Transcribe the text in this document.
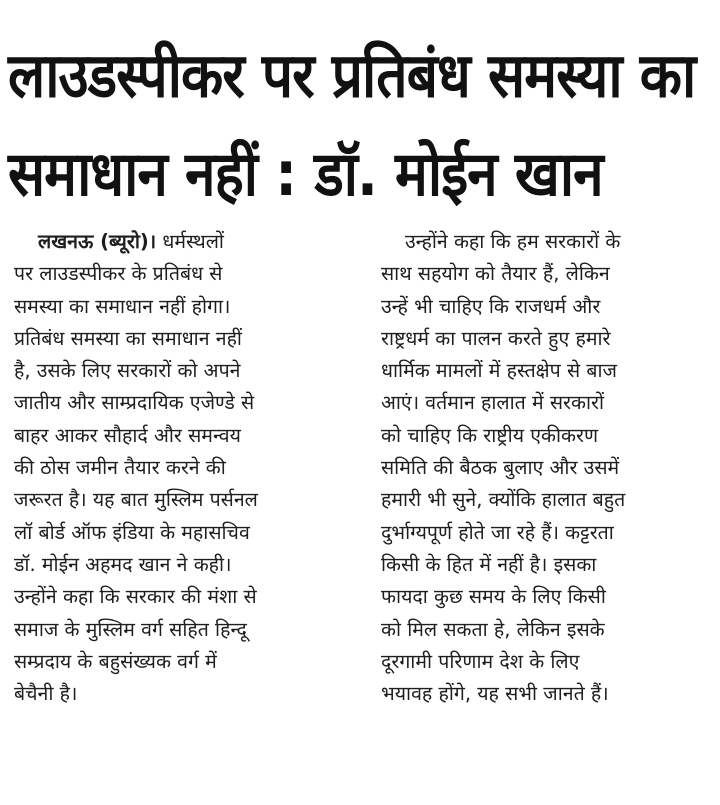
लाउडस्पीकर पर प्रतिबंध समस्या का
समाधान नहीं : डॉ. मोईन खान
लखनऊ (ब्यूरो)। धर्मस्थलों
पर लाउडस्पीकर के प्रतिबंध से
समस्या का समाधान नहीं होगा।
प्रतिबंध समस्या का समाधान नहीं
है, उसके लिए सरकारों को अपने
जातीय और साम्प्रदायिक एजेण्डे से
बाहर आकर सौहार्द और समन्वय
की ठोस जमीन तैयार करने की
जरूरत है। यह बात मुस्लिम पर्सनल
लॉ बोर्ड ऑफ इंडिया के महासचिव
डॉ. मोईन अहमद खान ने कही।
उन्होंने कहा कि सरकार की मंशा से
समाज के मुस्लिम वर्ग सहित हिन्दू
सम्प्रदाय के बहुसंख्यक वर्ग में
बेचैनी है।
उन्होंने कहा कि हम सरकारों के
साथ सहयोग को तैयार हैं, लेकिन
उन्हें भी चाहिए कि राजधर्म और
राष्ट्रधर्म का पालन करते हुए हमारे
धार्मिक मामलों में हस्तक्षेप से बाज
आएं। वर्तमान हालात में सरकारों
को चाहिए कि राष्ट्रीय एकीकरण
समिति की बैठक बुलाए और उसमें
हमारी भी सुने, क्योंकि हालात बहुत
दुर्भाग्यपूर्ण होते जा रहे हैं। कट्टरता
किसी के हित में नहीं है। इसका
फायदा कुछ समय के लिए किसी
को मिल सकता हे, लेकिन इसके
दूरगामी परिणाम देश के लिए
भयावह होंगे, यह सभी जानते हैं।
